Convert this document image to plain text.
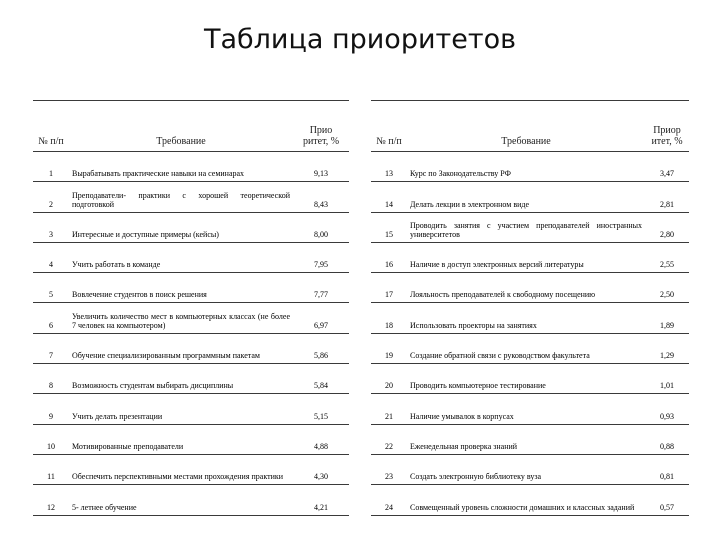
Таблица приоритетов
№ п/п	Требование	Прио ритет, %
1	Вырабатывать практические навыки на семинарах	9,13
2	Преподаватели- практики с хорошей теоретической подготовкой	8,43
3	Интересные и доступные примеры (кейсы)	8,00
4	Учить работать в команде	7,95
5	Вовлечение студентов в поиск решения	7,77
6	Увеличить количество мест в компьютерных классах (не более 7 человек на компьютером)	6,97
7	Обучение специализированным программным пакетам	5,86
8	Возможность студентам выбирать дисциплины	5,84
9	Учить делать презентации	5,15
10	Мотивированные преподаватели	4,88
11	Обеспечить перспективными местами прохождения практики	4,30
12	5- летнее обучение	4,21
№ п/п	Требование	Приор итет, %
13	Курс по Законодательству РФ	3,47
14	Делать лекции в электронном виде	2,81
15	Проводить занятия с участием преподавателей иностранных университетов	2,80
16	Наличие в доступ электронных версий литературы	2,55
17	Лояльность преподавателей к свободному посещению	2,50
18	Использовать проекторы на занятиях	1,89
19	Создание обратной связи с руководством факультета	1,29
20	Проводить компьютерное тестирование	1,01
21	Наличие умывалок в корпусах	0,93
22	Еженедельная проверка знаний	0,88
23	Создать электронную библиотеку вуза	0,81
24	Совмещенный уровень сложности домашних и классных заданий	0,57
